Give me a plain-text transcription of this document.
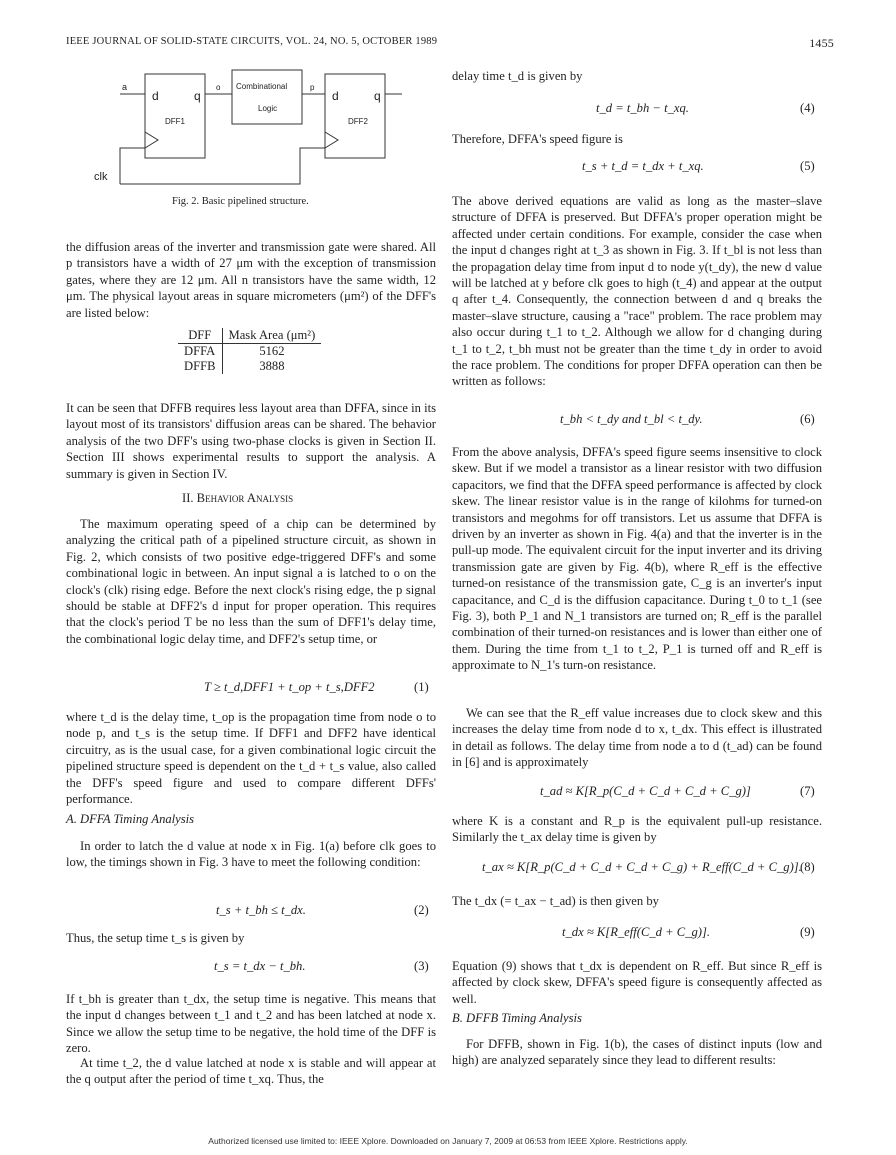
IEEE JOURNAL OF SOLID-STATE CIRCUITS, VOL. 24, NO. 5, OCTOBER 1989	1455
a
d	q
DFF1
o Combinational
Logic
p
d	q
DFF2
clk
Fig. 2. Basic pipelined structure.

the diffusion areas of the inverter and transmission gate were shared. All p transistors have a width of 27 μm with the exception of transmission gates, where they are 12 μm. All n transistors have the same width, 12 μm. The physical layout areas in square micrometers (μm²) of the DFF's are listed below:

DFF	Mask Area (μm²)
DFFA	5162
DFFB	3888

It can be seen that DFFB requires less layout area than DFFA, since in its layout most of its transistors' diffusion areas can be shared. The behavior analysis of the two DFF's using two-phase clocks is given in Section II. Section III shows experimental results to support the analysis. A summary is given in Section IV.

II. Behavior Analysis

The maximum operating speed of a chip can be determined by analyzing the critical path of a pipelined structure circuit, as shown in Fig. 2, which consists of two positive edge-triggered DFF's and some combinational logic in between. An input signal a is latched to o on the clock's (clk) rising edge. Before the next clock's rising edge, the p signal should be stable at DFF2's d input for proper operation. This requires that the clock's period T be no less than the sum of DFF1's delay time, the combinational logic delay time, and DFF2's setup time, or

T ≥ t_d,DFF1 + t_op + t_s,DFF2	(1)

where t_d is the delay time, t_op is the propagation time from node o to node p, and t_s is the setup time. If DFF1 and DFF2 have identical circuitry, as is the usual case, for a given combinational logic circuit the pipelined structure speed is dependent on the t_d + t_s value, also called the DFF's speed figure and used to compare different DFFs' performance.

A. DFFA Timing Analysis

In order to latch the d value at node x in Fig. 1(a) before clk goes to low, the timings shown in Fig. 3 have to meet the following condition:

t_s + t_bh ≤ t_dx.	(2)

Thus, the setup time t_s is given by

t_s = t_dx − t_bh.	(3)

If t_bh is greater than t_dx, the setup time is negative. This means that the input d changes between t_1 and t_2 and has been latched at node x. Since we allow the setup time to be negative, the hold time of the DFF is zero.

At time t_2, the d value latched at node x is stable and will appear at the q output after the period of time t_xq. Thus, the

delay time t_d is given by

t_d = t_bh − t_xq.	(4)

Therefore, DFFA's speed figure is

t_s + t_d = t_dx + t_xq.	(5)

The above derived equations are valid as long as the master–slave structure of DFFA is preserved. But DFFA's proper operation might be affected under certain conditions. For example, consider the case when the input d changes right at t_3 as shown in Fig. 3. If t_bl is not less than the propagation delay time from input d to node y(t_dy), the new d value will be latched at y before clk goes to high (t_4) and appear at the output q after t_4. Consequently, the connection between d and q breaks the master–slave structure, causing a "race" problem. The race problem may also occur during t_1 to t_2. Although we allow for d changing during t_1 to t_2, t_bh must not be greater than the time t_dy in order to avoid the race problem. The conditions for proper DFFA operation can then be written as follows:

t_bh < t_dy and t_bl < t_dy.	(6)

From the above analysis, DFFA's speed figure seems insensitive to clock skew. But if we model a transistor as a linear resistor with two diffusion capacitors, we find that the DFFA speed performance is affected by clock skew. The linear resistor value is in the range of kilohms for turned-on transistors and megohms for off transistors. Let us assume that DFFA is driven by an inverter as shown in Fig. 4(a) and that the inverter is in the pull-up mode. The equivalent circuit for the input inverter and its driving transmission gate are given by Fig. 4(b), where R_eff is the effective turned-on resistance of the transmission gate, C_g is an inverter's input capacitance, and C_d is the diffusion capacitance. During t_0 to t_1 (see Fig. 3), both P_1 and N_1 transistors are turned on; R_eff is the parallel combination of their turned-on resistances and is lower than either one of them. During the time from t_1 to t_2, P_1 is turned off and R_eff is approximate to N_1's turn-on resistance.

We can see that the R_eff value increases due to clock skew and this increases the delay time from node d to x, t_dx. This effect is illustrated in detail as follows. The delay time from node a to d (t_ad) can be found in [6] and is approximately

t_ad ≈ K[R_p(C_d + C_d + C_d + C_g)]	(7)

where K is a constant and R_p is the equivalent pull-up resistance. Similarly the t_ax delay time is given by

t_ax ≈ K[R_p(C_d + C_d + C_d + C_g) + R_eff(C_d + C_g)].
(8)

The t_dx (= t_ax − t_ad) is then given by

t_dx ≈ K[R_eff(C_d + C_g)].	(9)

Equation (9) shows that t_dx is dependent on R_eff. But since R_eff is affected by clock skew, DFFA's speed figure is consequently affected as well.

B. DFFB Timing Analysis

For DFFB, shown in Fig. 1(b), the cases of distinct inputs (low and high) are analyzed separately since they lead to different results:

Authorized licensed use limited to: IEEE Xplore. Downloaded on January 7, 2009 at 06:53 from IEEE Xplore. Restrictions apply.
